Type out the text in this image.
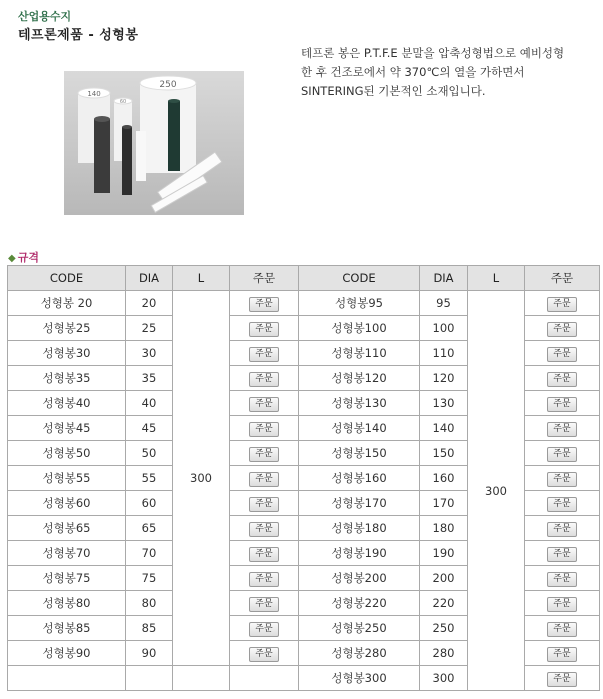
산업용수지
테프론제품 - 성형봉
250
140
60
테프론 봉은 P.T.F.E 분말을 압축성형법으로 예비성형
한 후 건조로에서 약 370℃의 열을 가하면서
SINTERING된 기본적인 소재입니다.
◆ 규격
CODE	DIA	L	주문	CODE	DIA	L	주문
성형봉 20	20	300	주문	성형봉95	95	300	주문
성형봉25	25		주문	성형봉100	100		주문
성형봉30	30		주문	성형봉110	110		주문
성형봉35	35		주문	성형봉120	120		주문
성형봉40	40		주문	성형봉130	130		주문
성형봉45	45		주문	성형봉140	140		주문
성형봉50	50		주문	성형봉150	150		주문
성형봉55	55		주문	성형봉160	160		주문
성형봉60	60		주문	성형봉170	170		주문
성형봉65	65		주문	성형봉180	180		주문
성형봉70	70		주문	성형봉190	190		주문
성형봉75	75		주문	성형봉200	200		주문
성형봉80	80		주문	성형봉220	220		주문
성형봉85	85		주문	성형봉250	250		주문
성형봉90	90		주문	성형봉280	280		주문
				성형봉300	300		주문
